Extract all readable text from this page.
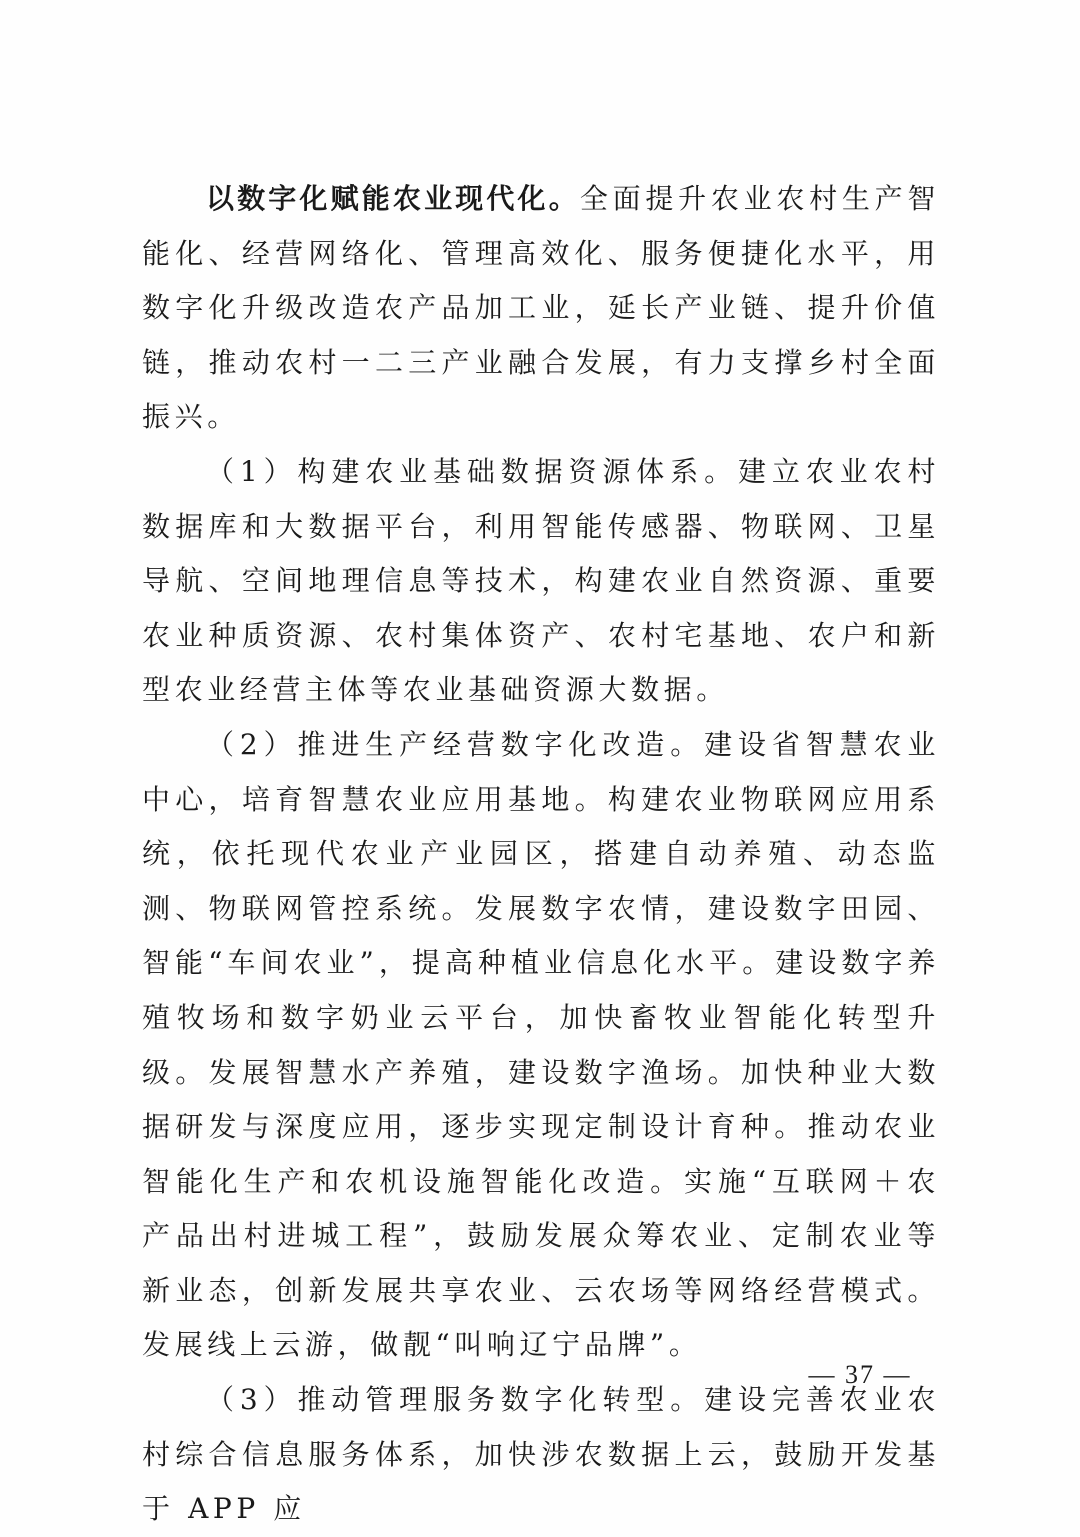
以数字化赋能农业现代化。全面提升农业农村生产智能化、经营网络化、管理高效化、服务便捷化水平，用数字化升级改造农产品加工业，延长产业链、提升价值链，推动农村一二三产业融合发展，有力支撑乡村全面振兴。

（1）构建农业基础数据资源体系。建立农业农村数据库和大数据平台，利用智能传感器、物联网、卫星导航、空间地理信息等技术，构建农业自然资源、重要农业种质资源、农村集体资产、农村宅基地、农户和新型农业经营主体等农业基础资源大数据。

（2）推进生产经营数字化改造。建设省智慧农业中心，培育智慧农业应用基地。构建农业物联网应用系统，依托现代农业产业园区，搭建自动养殖、动态监测、物联网管控系统。发展数字农情，建设数字田园、智能“车间农业”，提高种植业信息化水平。建设数字养殖牧场和数字奶业云平台，加快畜牧业智能化转型升级。发展智慧水产养殖，建设数字渔场。加快种业大数据研发与深度应用，逐步实现定制设计育种。推动农业智能化生产和农机设施智能化改造。实施“互联网＋农产品出村进城工程”，鼓励发展众筹农业、定制农业等新业态，创新发展共享农业、云农场等网络经营模式。发展线上云游，做靓“叫响辽宁品牌”。

（3）推动管理服务数字化转型。建设完善农业农村综合信息服务体系，加快涉农数据上云，鼓励开发基于 APP 应

— 37 —
